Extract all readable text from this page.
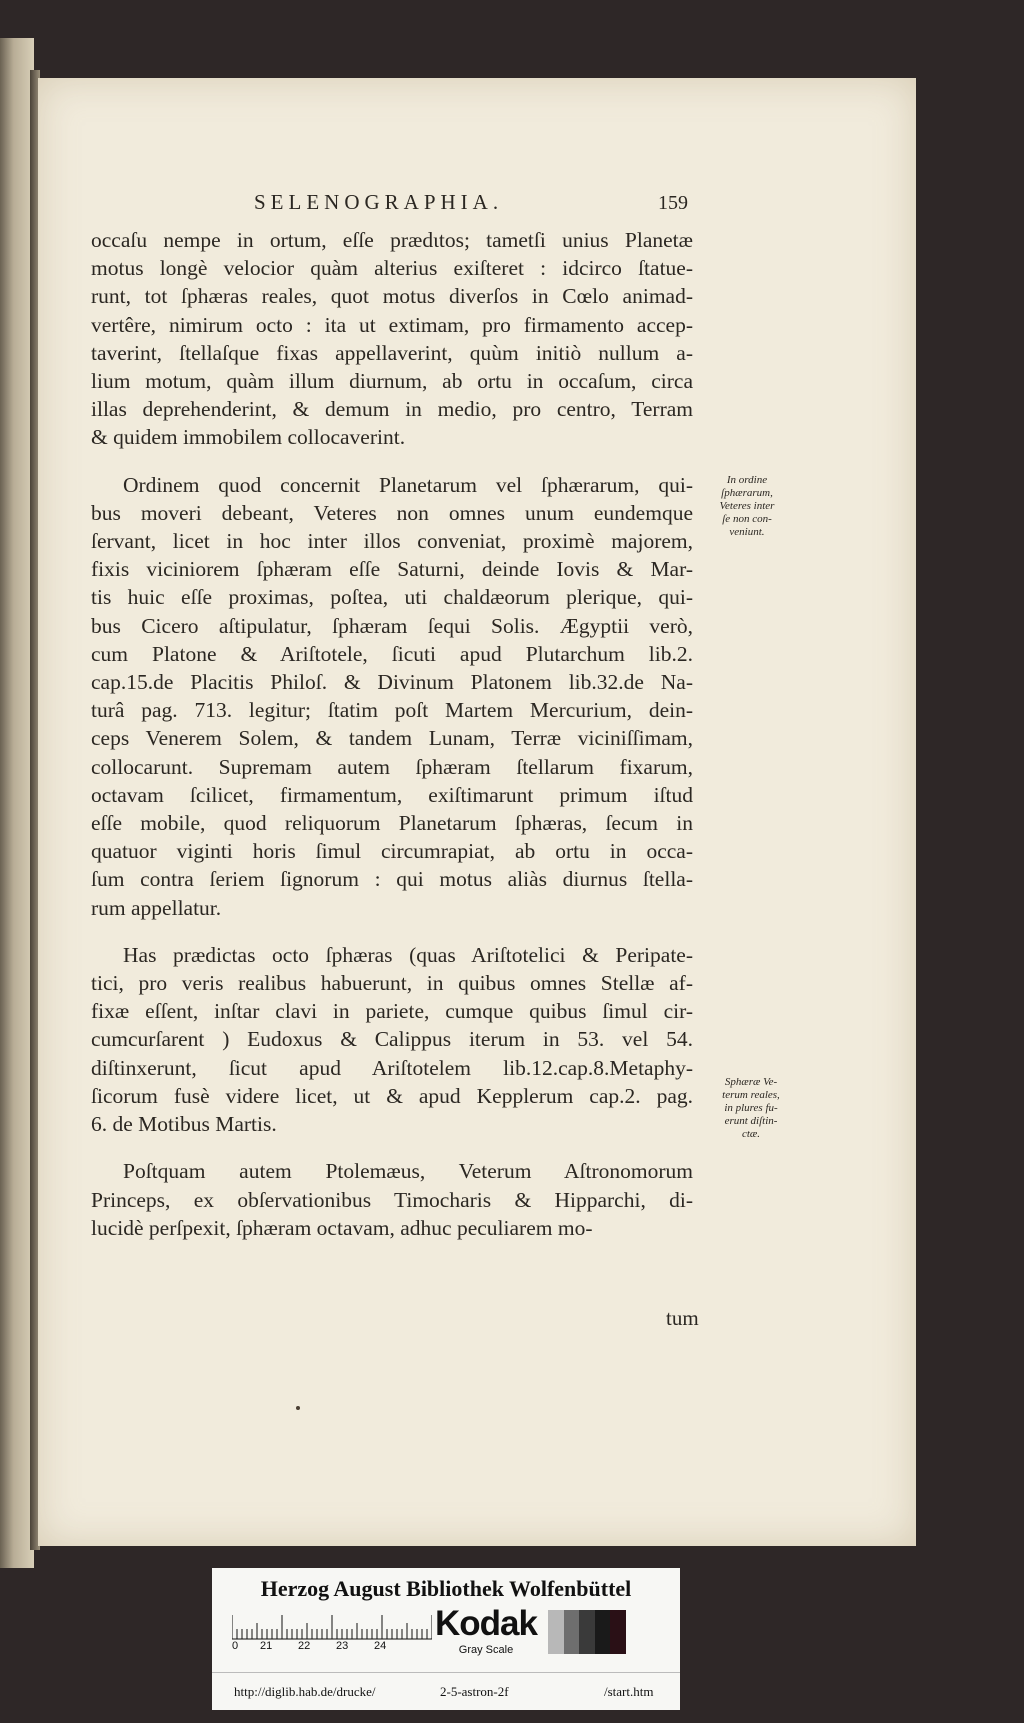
SELENOGRAPHIA.	159

occaſu nempe in ortum, eſſe prædιtos; tametſi unius Planetæ
motus longè velocior quàm alterius exiſteret : idcirco ſtatue-
runt, tot ſphæras reales, quot motus diverſos in Cœlo animad-
vertêre, nimirum octo : ita ut extimam, pro firmamento accep-
taverint, ſtellaſque fixas appellaverint, quùm initiò nullum a-
lium motum, quàm illum diurnum, ab ortu in occaſum, circa
illas deprehenderint, & demum in medio, pro centro, Terram
& quidem immobilem collocaverint.

Ordinem quod concernit Planetarum vel ſphærarum, qui-
bus moveri debeant, Veteres non omnes unum eundemque
ſervant, licet in hoc inter illos conveniat, proximè majorem,
fixis viciniorem ſphæram eſſe Saturni, deinde Iovis & Mar-
tis huic eſſe proximas, poſtea, uti chaldæorum plerique, qui-
bus Cicero aſtipulatur, ſphæram ſequi Solis. Ægyptii verò,
cum Platone & Ariſtotele, ſicuti apud Plutarchum lib.2.
cap.15.de Placitis Philoſ. & Divinum Platonem lib.32.de Na-
turâ pag. 713. legitur; ſtatim poſt Martem Mercurium, dein-
ceps Venerem Solem, & tandem Lunam, Terræ viciniſſimam,
collocarunt. Supremam autem ſphæram ſtellarum fixarum,
octavam ſcilicet, firmamentum, exiſtimarunt primum iſtud
eſſe mobile, quod reliquorum Planetarum ſphæras, ſecum in
quatuor viginti horis ſimul circumrapiat, ab ortu in occa-
ſum contra ſeriem ſignorum : qui motus aliàs diurnus ſtella-
rum appellatur.

Has prædictas octo ſphæras (quas Ariſtotelici & Peripate-
tici, pro veris realibus habuerunt, in quibus omnes Stellæ af-
fixæ eſſent, inſtar clavi in pariete, cumque quibus ſimul cir-
cumcurſarent ) Eudoxus & Calippus iterum in 53. vel 54.
diſtinxerunt, ſicut apud Ariſtotelem lib.12.cap.8.Metaphy-
ſicorum fusè videre licet, ut & apud Kepplerum cap.2. pag.
6. de Motibus Martis.

Poſtquam autem Ptolemæus, Veterum Aſtronomorum
Princeps, ex obſervationibus Timocharis & Hipparchi, di-
lucidè perſpexit, ſphæram octavam, adhuc peculiarem mo-

In ordine
ſphærarum,
Veteres inter
ſe non con-
veniunt.
Sphæræ Ve-
terum reales,
in plures fu-
erunt diſtin-
ctæ.
tum
Herzog August Bibliothek Wolfenbüttel
0 21 22 23 24
Kodak
Gray Scale
http://diglib.hab.de/drucke/	2-5-astron-2f	/start.htm
